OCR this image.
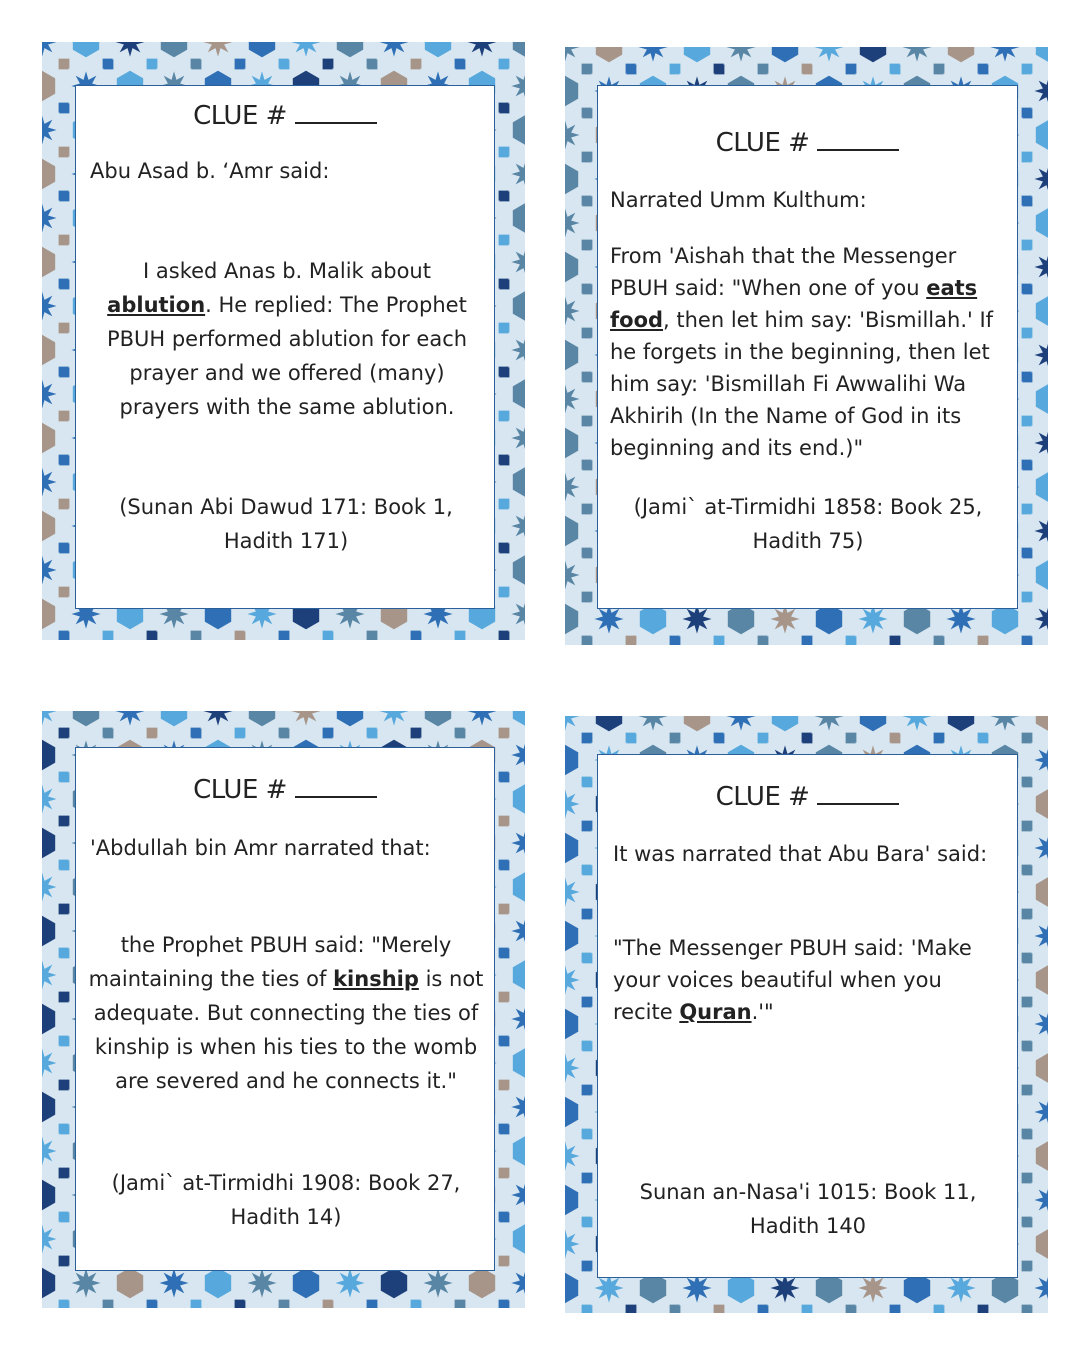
CLUE #
Abu Asad b. ‘Amr said:
I asked Anas b. Malik about ablution. He replied: The Prophet PBUH performed ablution for each prayer and we offered (many) prayers with the same ablution.
(Sunan Abi Dawud 171: Book 1, Hadith 171)
CLUE #
Narrated Umm Kulthum:
From 'Aishah that the Messenger PBUH said: "When one of you eats food, then let him say: 'Bismillah.' If he forgets in the beginning, then let him say: 'Bismillah Fi Awwalihi Wa Akhirih (In the Name of God in its beginning and its end.)"
(Jami` at-Tirmidhi 1858: Book 25, Hadith 75)
CLUE #
'Abdullah bin Amr narrated that:
the Prophet PBUH said: "Merely maintaining the ties of kinship is not adequate. But connecting the ties of kinship is when his ties to the womb are severed and he connects it."
(Jami` at-Tirmidhi 1908: Book 27, Hadith 14)
CLUE #
It was narrated that Abu Bara' said:
"The Messenger PBUH said: 'Make your voices beautiful when you recite Quran.'"
Sunan an-Nasa'i 1015: Book 11, Hadith 140
